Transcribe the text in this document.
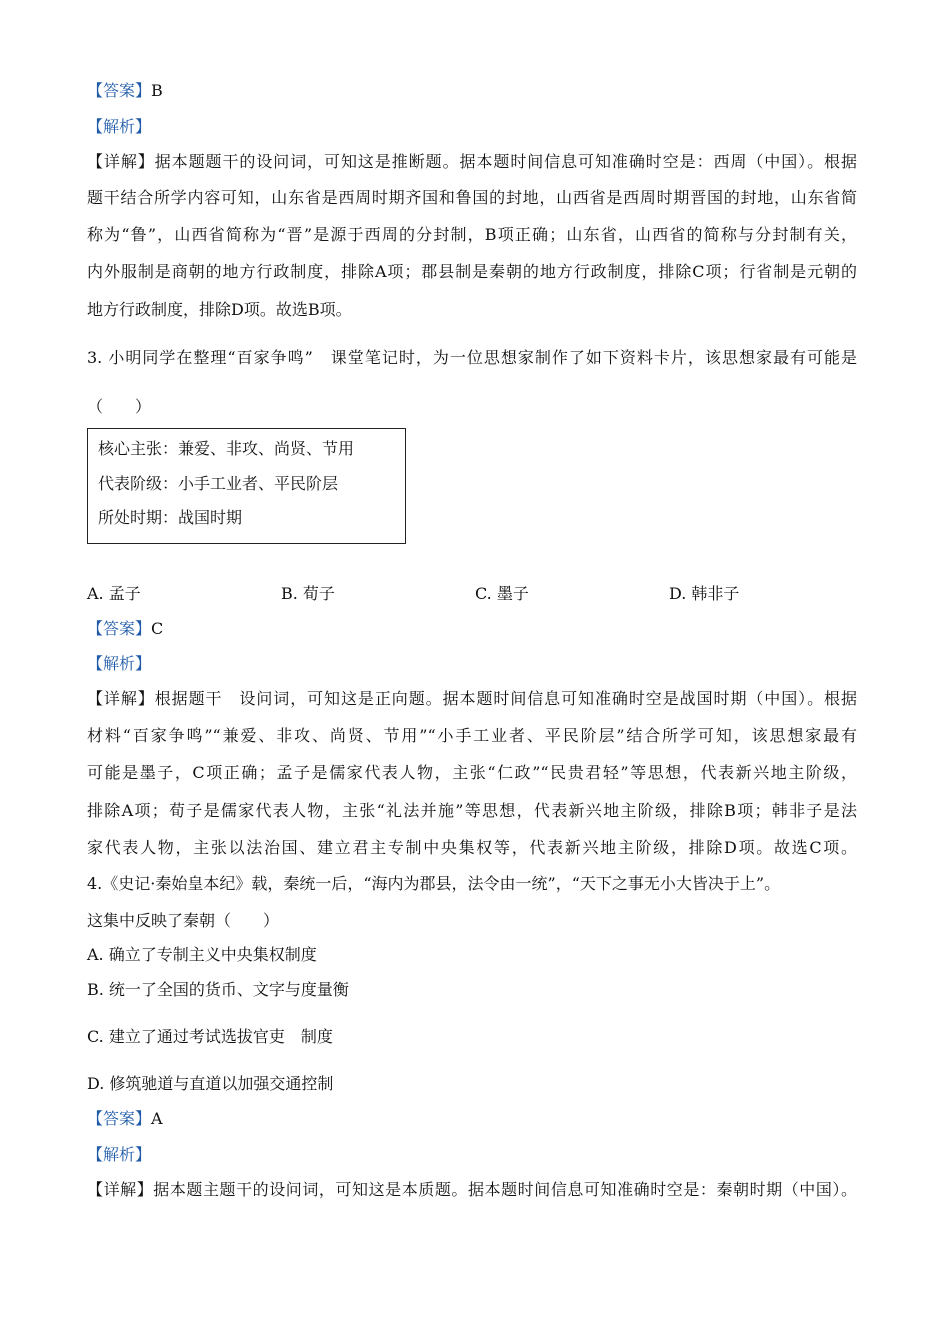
【答案】B
【解析】
【详解】据本题题干的设问词，可知这是推断题。据本题时间信息可知准确时空是：西周（中国）。根据
题干结合所学内容可知，山东省是西周时期齐国和鲁国的封地，山西省是西周时期晋国的封地，山东省简
称为“鲁”，山西省简称为“晋”是源于西周的分封制，B项正确；山东省，山西省的简称与分封制有关，
内外服制是商朝的地方行政制度，排除A项；郡县制是秦朝的地方行政制度，排除C项；行省制是元朝的
地方行政制度，排除D项。故选B项。
3. 小明同学在整理“百家争鸣”　课堂笔记时，为一位思想家制作了如下资料卡片，该思想家最有可能是
（　　）
核心主张：兼爱、非攻、尚贤、节用
代表阶级：小手工业者、平民阶层
所处时期：战国时期
A. 孟子	B. 荀子	C. 墨子	D. 韩非子
【答案】C
【解析】
【详解】根据题干　设问词，可知这是正向题。据本题时间信息可知准确时空是战国时期（中国）。根据
材料“百家争鸣”“兼爱、非攻、尚贤、节用”“小手工业者、平民阶层”结合所学可知，该思想家最有
可能是墨子，C项正确；孟子是儒家代表人物，主张“仁政”“民贵君轻”等思想，代表新兴地主阶级，
排除A项；荀子是儒家代表人物，主张“礼法并施”等思想，代表新兴地主阶级，排除B项；韩非子是法
家代表人物，主张以法治国、建立君主专制中央集权等，代表新兴地主阶级，排除D项。故选C项。
4.《史记·秦始皇本纪》载，秦统一后，“海内为郡县，法令由一统”，“天下之事无小大皆决于上”。
这集中反映了秦朝（　　）
A. 确立了专制主义中央集权制度
B. 统一了全国的货币、文字与度量衡
C. 建立了通过考试选拔官吏　制度
D. 修筑驰道与直道以加强交通控制
【答案】A
【解析】
【详解】据本题主题干的设问词，可知这是本质题。据本题时间信息可知准确时空是：秦朝时期（中国）。
